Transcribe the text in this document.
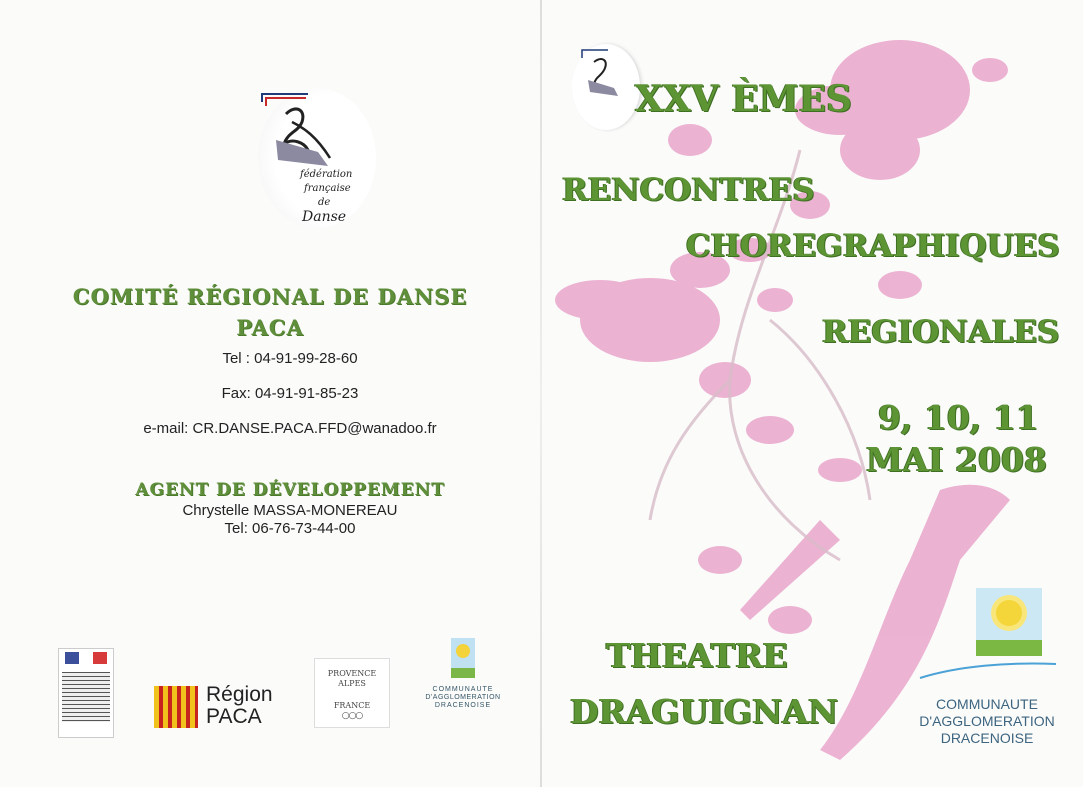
fédération
française
de
Danse
COMITÉ RÉGIONAL DE DANSE
PACA
Tel : 04-91-99-28-60
Fax: 04-91-91-85-23
e-mail: CR.DANSE.PACA.FFD@wanadoo.fr
AGENT DE DÉVELOPPEMENT
Chrystelle MASSA-MONEREAU
Tel: 06-76-73-44-00
Région
PACA
PROVENCE
ALPES
FRANCE
○○○
COMMUNAUTE
D'AGGLOMERATION
DRACENOISE
XXV ÈMES
RENCONTRES
CHOREGRAPHIQUES
REGIONALES
9, 10, 11
MAI 2008
THEATRE
DRAGUIGNAN	COMMUNAUTE
D'AGGLOMERATION
DRACENOISE
